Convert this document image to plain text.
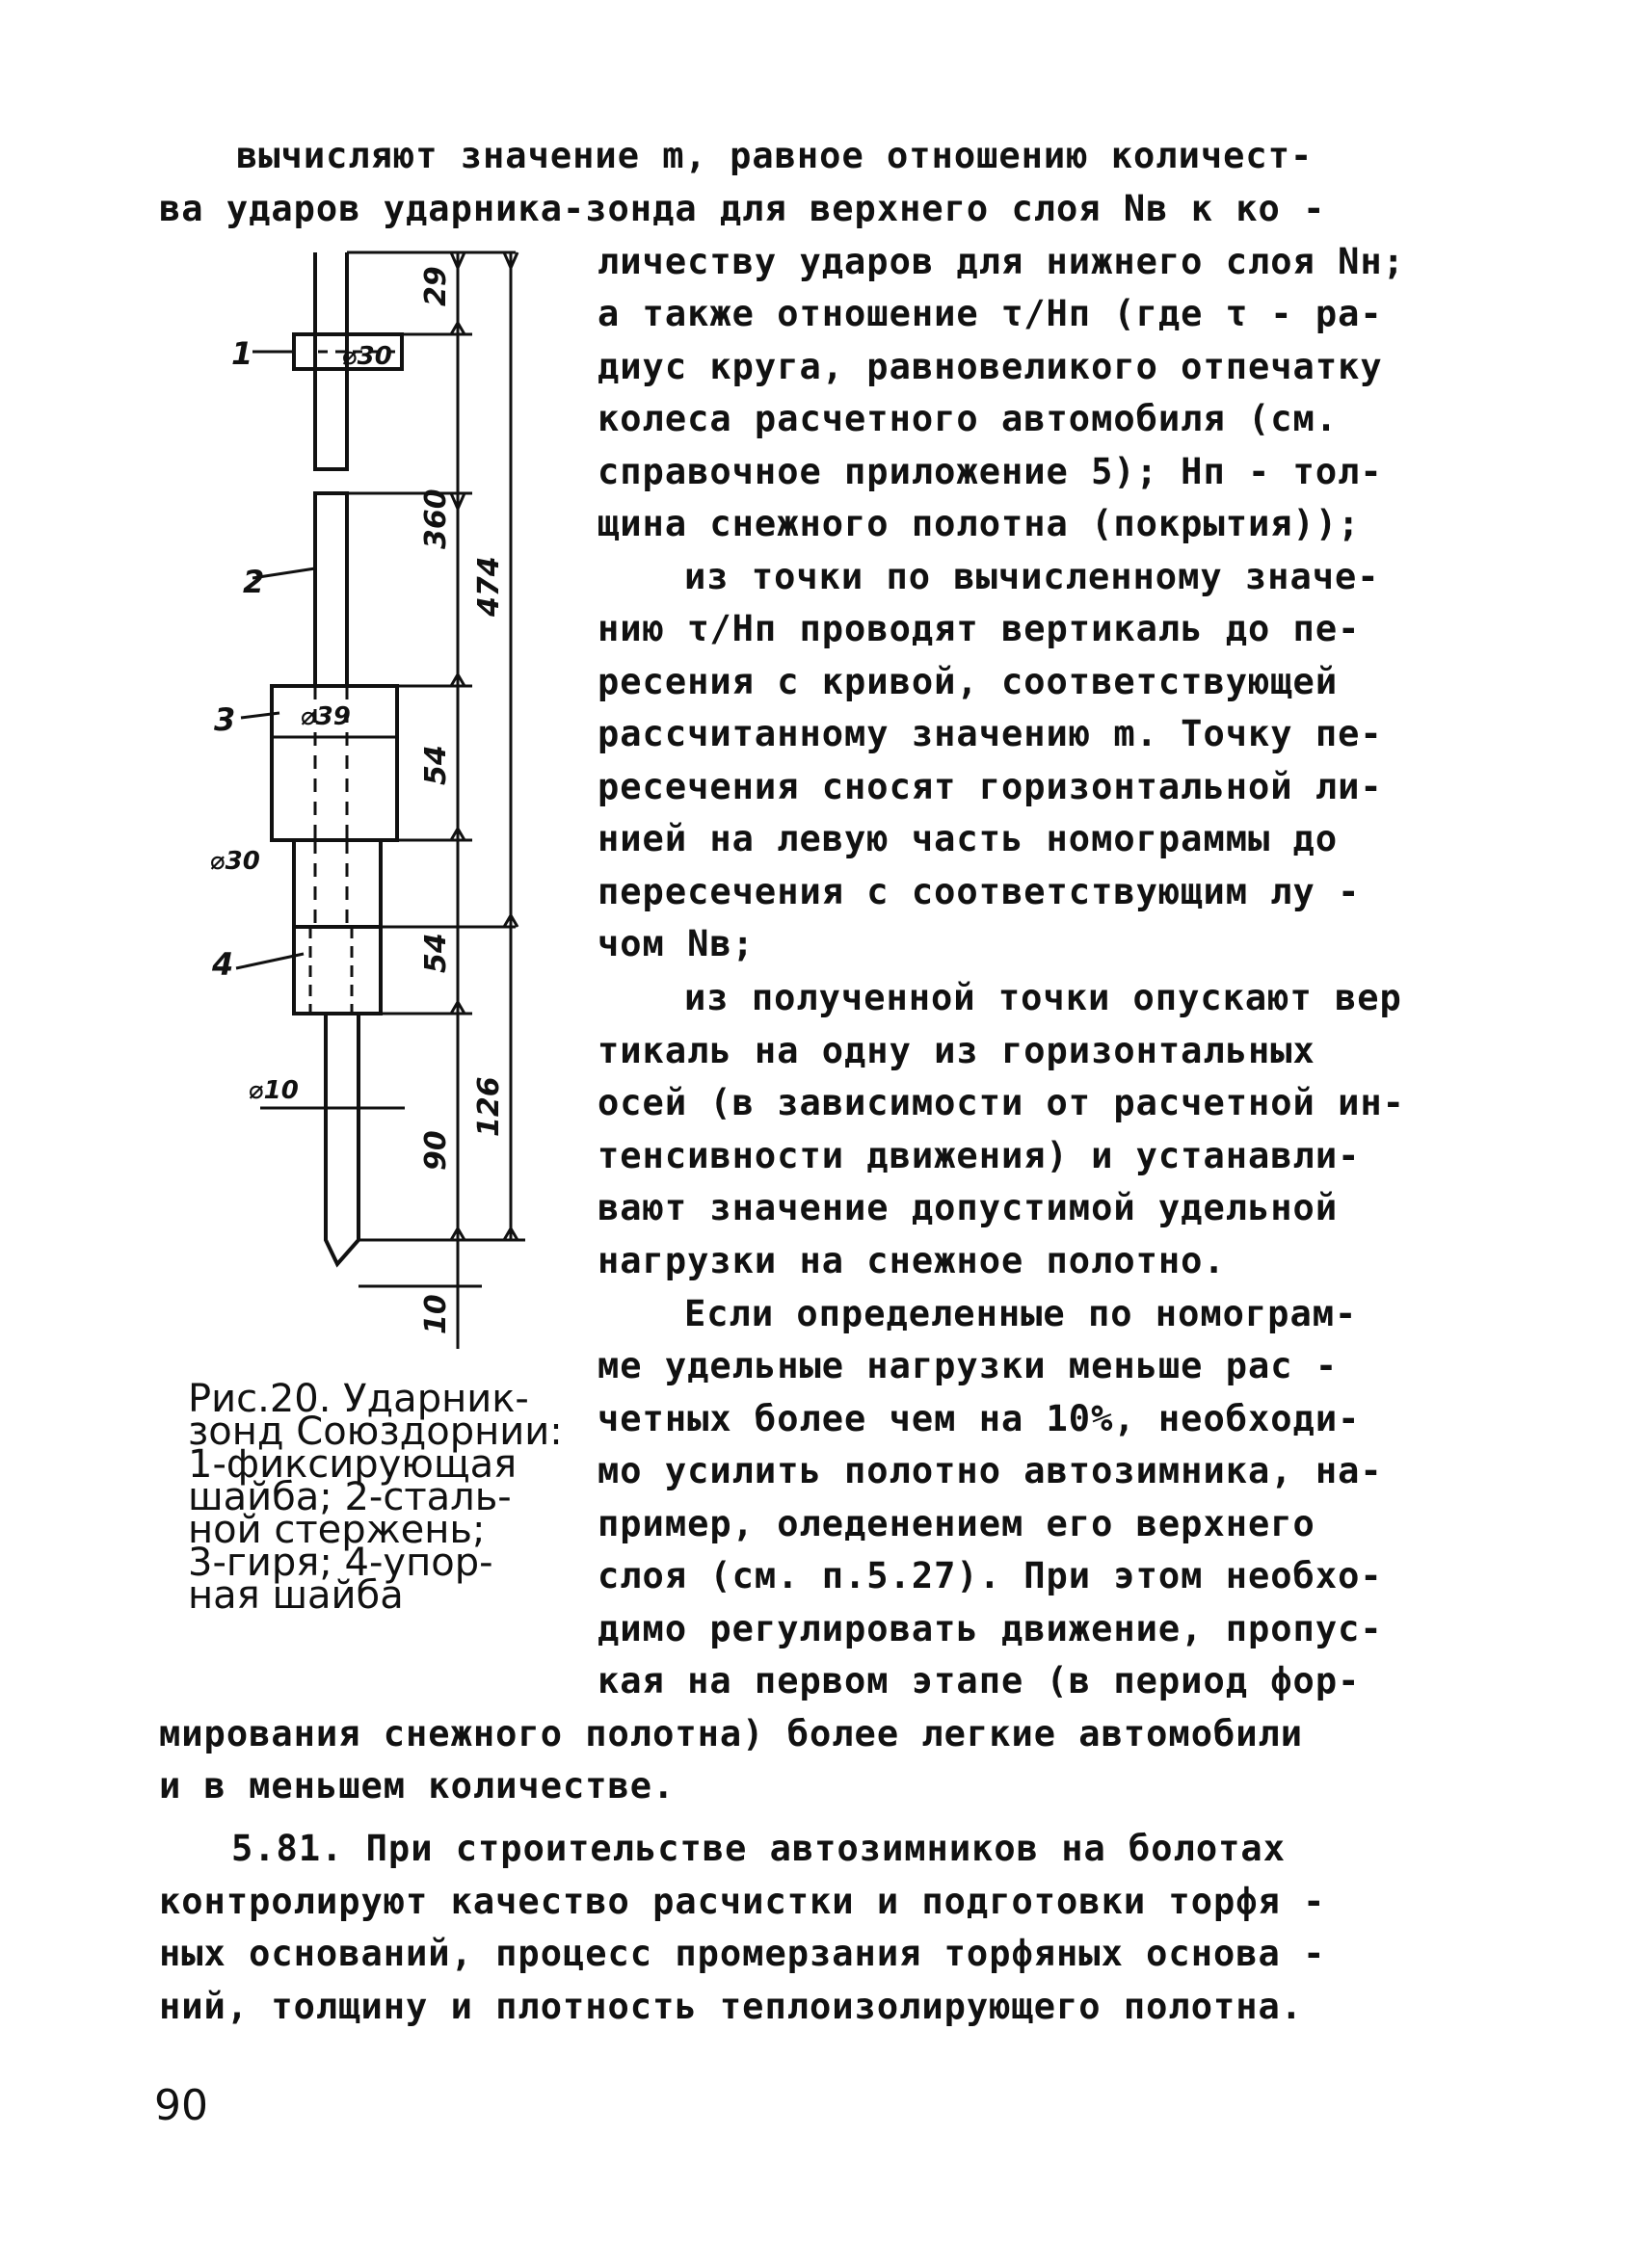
вычисляют значение m, равное отношению количест-
ва ударов ударника-зонда для верхнего слоя Nв к ко -
личеству ударов для нижнего слоя Nн;
а также отношение τ/Hп (где τ - ра-
диус круга, равновеликого отпечатку
колеса расчетного автомобиля (см.
справочное приложение 5); Hп - тол-
щина снежного полотна (покрытия));
из точки по вычисленному значе-
нию τ/Hп проводят вертикаль до пе-
ресения с кривой, соответствующей
рассчитанному значению m. Точку пе-
ресечения сносят горизонтальной ли-
нией на левую часть номограммы до
пересечения с соответствующим лу -
чом Nв;
из полученной точки опускают вер
тикаль на одну из горизонтальных
осей (в зависимости от расчетной ин-
тенсивности движения) и устанавли-
вают значение допустимой удельной
нагрузки на снежное полотно.
Если определенные по номограм-
ме удельные нагрузки меньше рас -
четных более чем на 10%, необходи-
мо усилить полотно автозимника, на-
пример, оледенением его верхнего
слоя (см. п.5.27). При этом необхо-
димо регулировать движение, пропус-
кая на первом этапе (в период фор-
мирования снежного полотна) более легкие автомобили
и в меньшем количестве.
5.81. При строительстве автозимников на болотах
контролируют качество расчистки и подготовки торфя -
ных оснований, процесс промерзания торфяных основа -
ний, толщину и плотность теплоизолирующего полотна.
Рис.20. Ударник-
зонд Союздорнии:
1-фиксирующая
шайба; 2-сталь-
ной стержень;
3-гиря; 4-упор-
ная шайба
29
360
474
54
54
126
90
10
⌀30
⌀39
⌀30
⌀10
1
2
3
4
90
